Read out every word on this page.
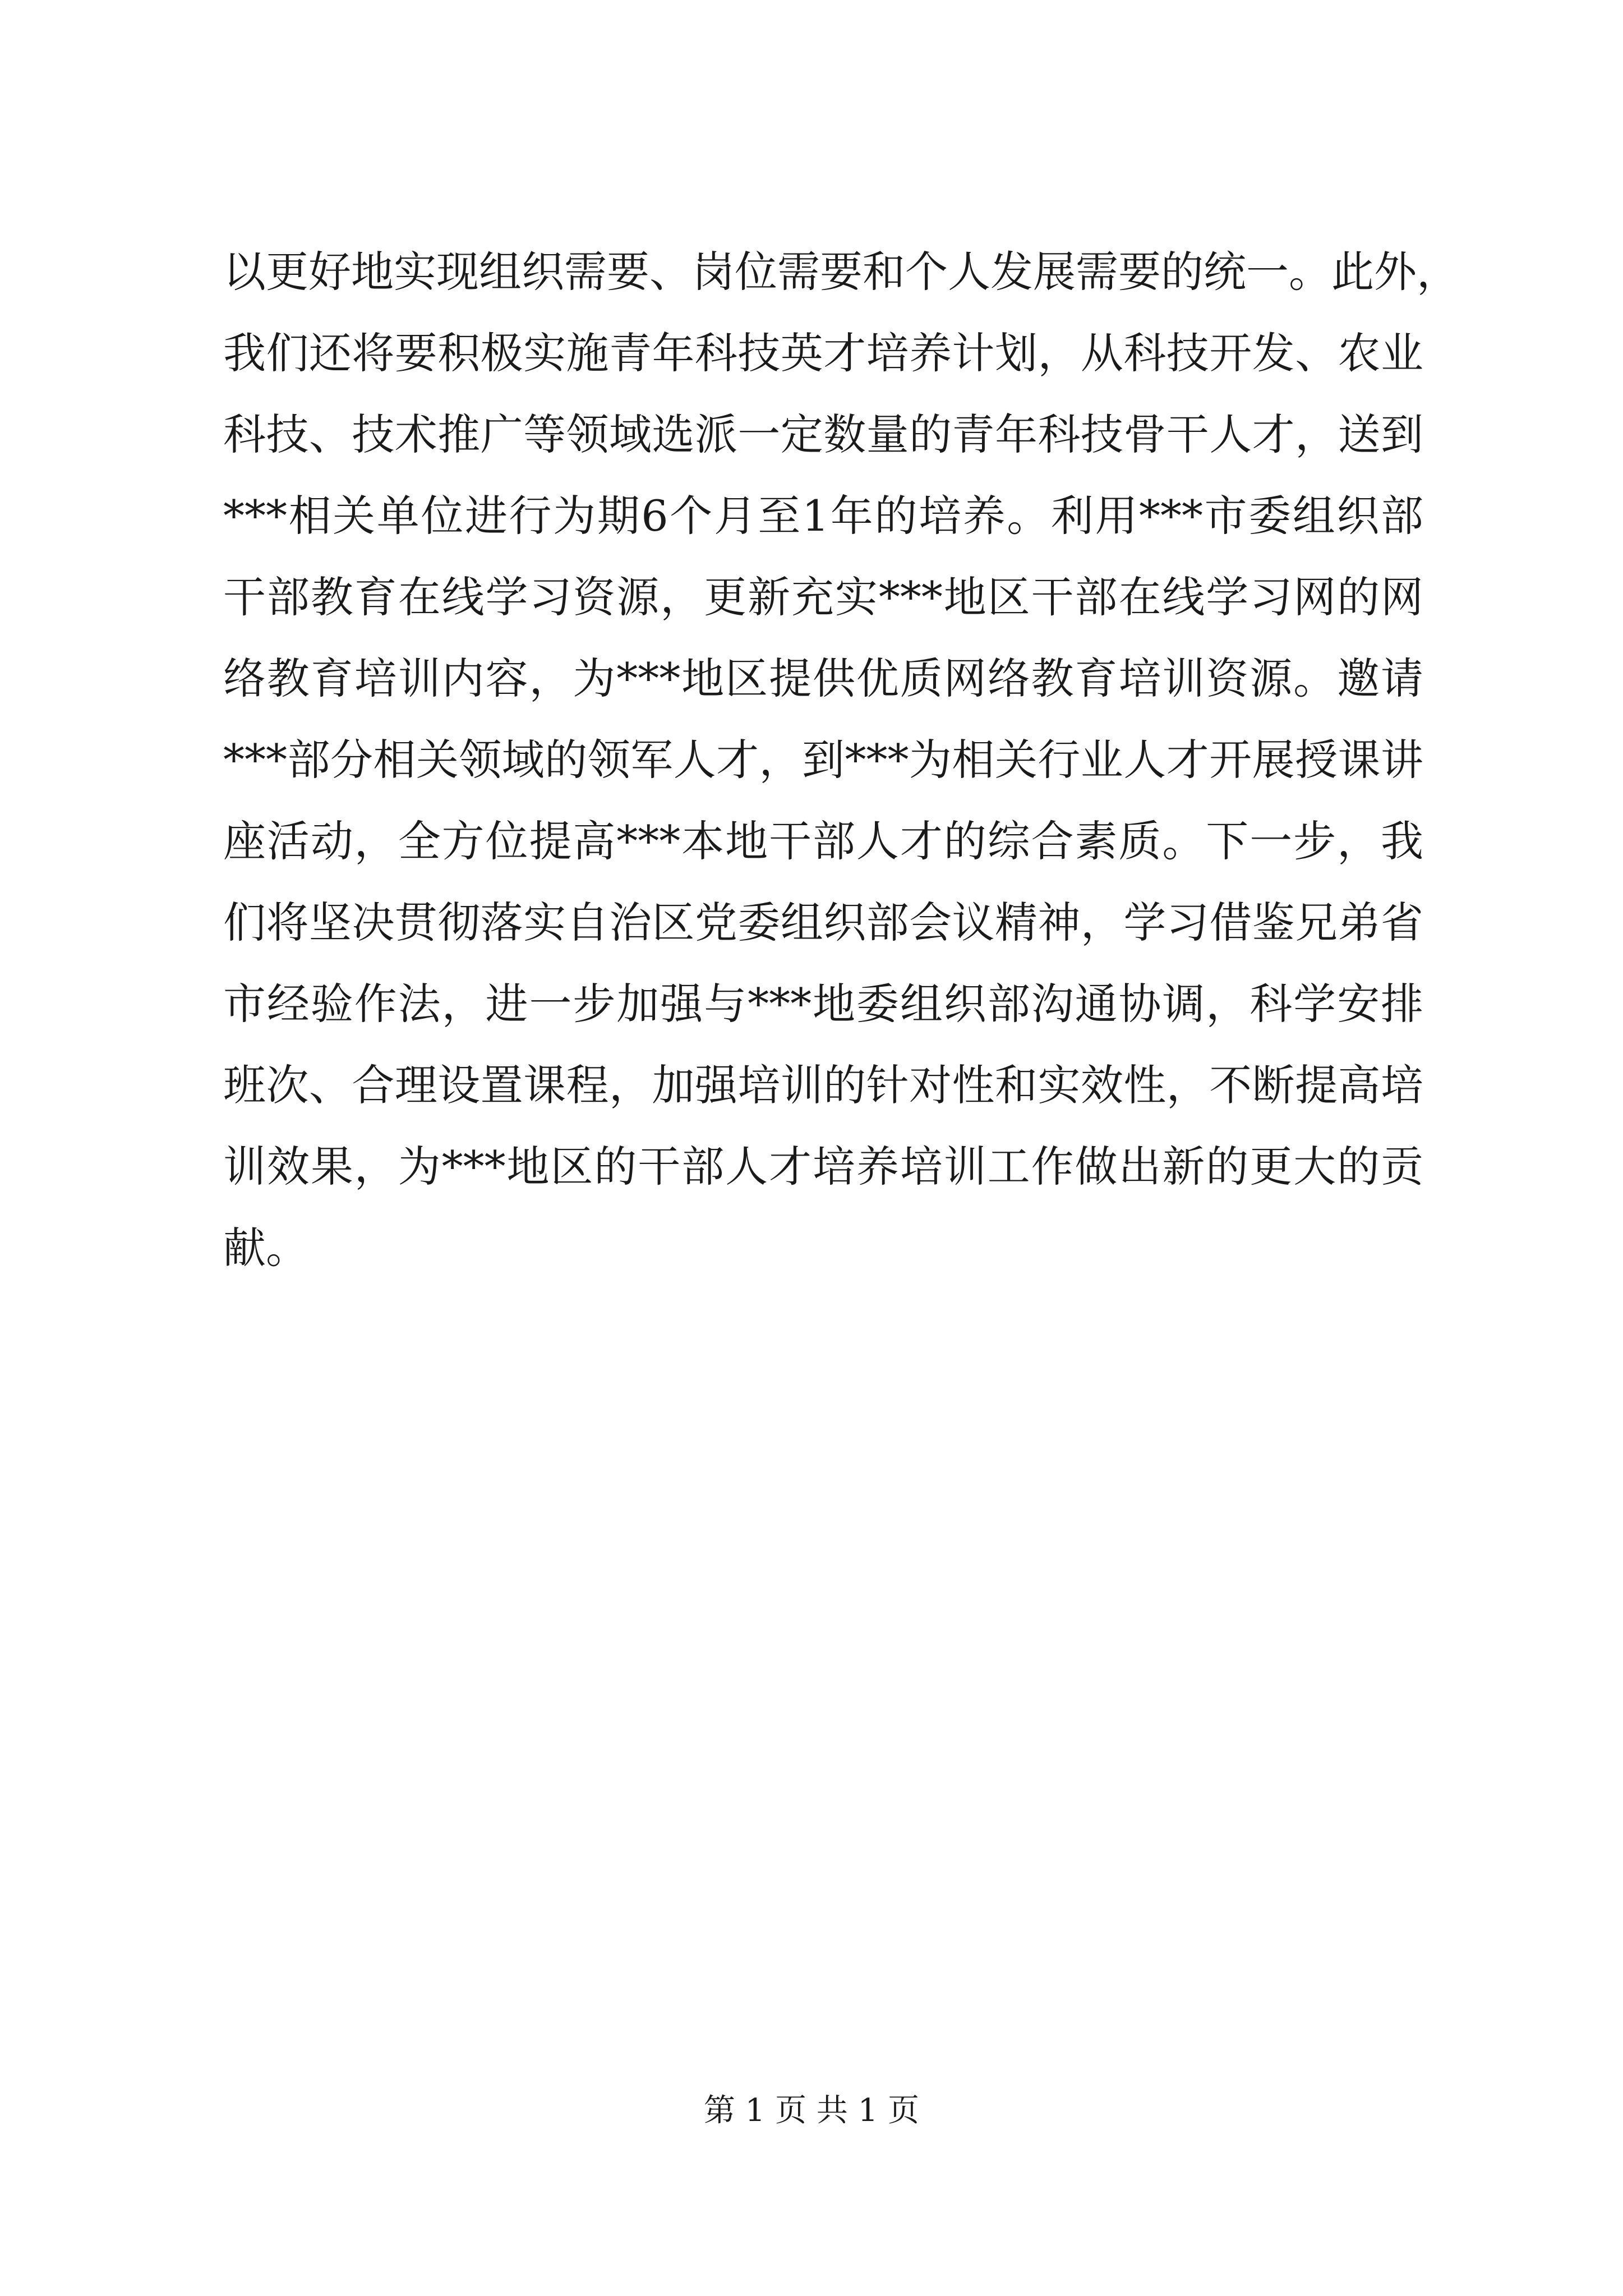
以更好地实现组织需要、岗位需要和个人发展需要的统一。此外，
我们还将要积极实施青年科技英才培养计划，从科技开发、农业
科技、技术推广等领域选派一定数量的青年科技骨干人才，送到
***相关单位进行为期6个月至1年的培养。利用***市委组织部
干部教育在线学习资源，更新充实***地区干部在线学习网的网
络教育培训内容，为***地区提供优质网络教育培训资源。邀请
***部分相关领域的领军人才，到***为相关行业人才开展授课讲
座活动，全方位提高***本地干部人才的综合素质。下一步，我
们将坚决贯彻落实自治区党委组织部会议精神，学习借鉴兄弟省
市经验作法，进一步加强与***地委组织部沟通协调，科学安排
班次、合理设置课程，加强培训的针对性和实效性，不断提高培
训效果，为***地区的干部人才培养培训工作做出新的更大的贡
献。
第 1 页 共 1 页
